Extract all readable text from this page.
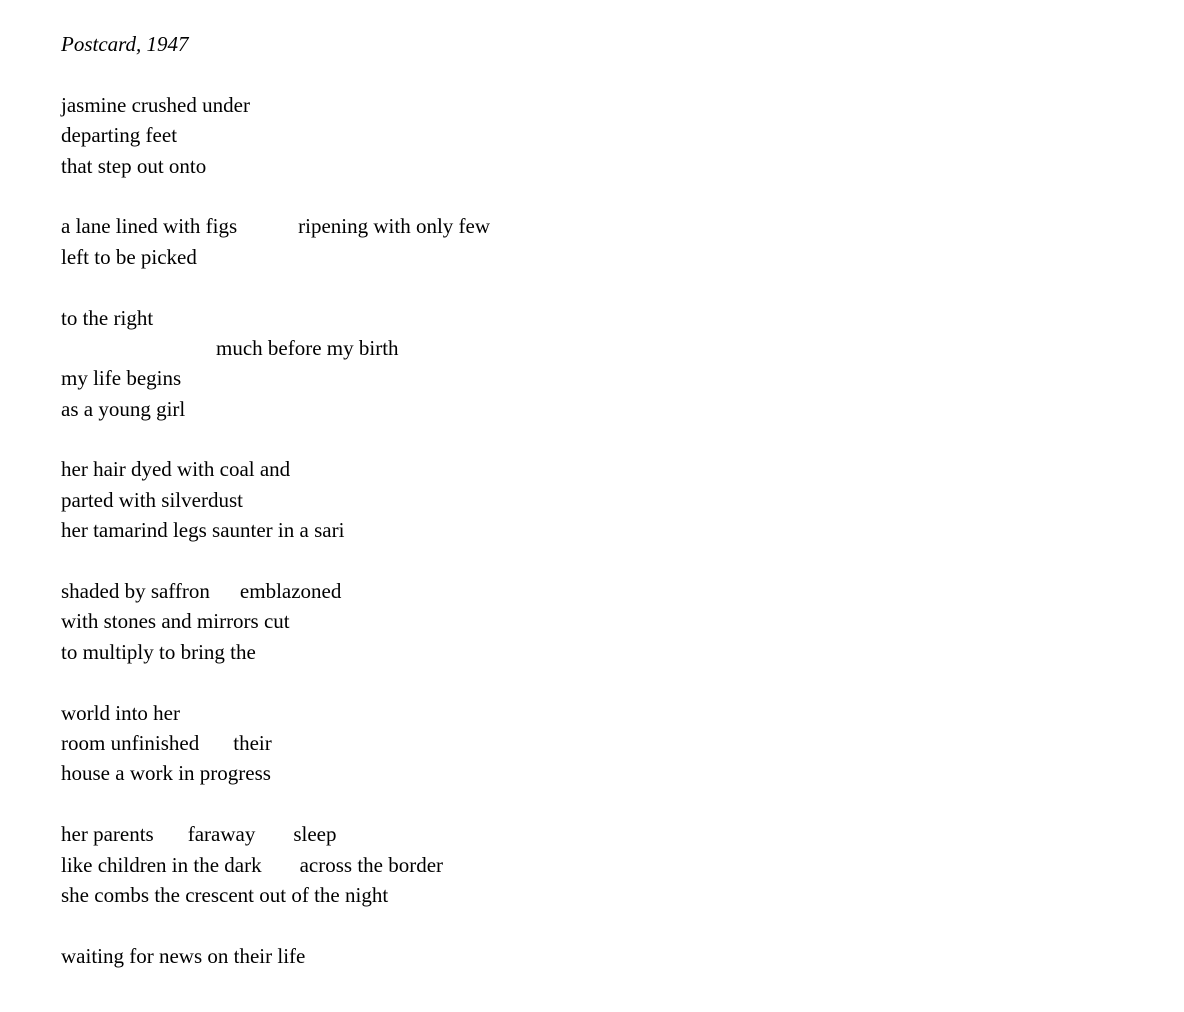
Postcard, 1947
jasmine crushed under
departing feet
that step out onto
a lane lined with figs	ripening with only few
left to be picked
to the right
much before my birth
my life begins
as a young girl
her hair dyed with coal and
parted with silverdust
her tamarind legs saunter in a sari
shaded by saffron emblazoned
with stones and mirrors cut
to multiply to bring the
world into her
room unfinished their
house a work in progress
her parents faraway sleep
like children in the dark across the border
she combs the crescent out of the night
waiting for news on their life
